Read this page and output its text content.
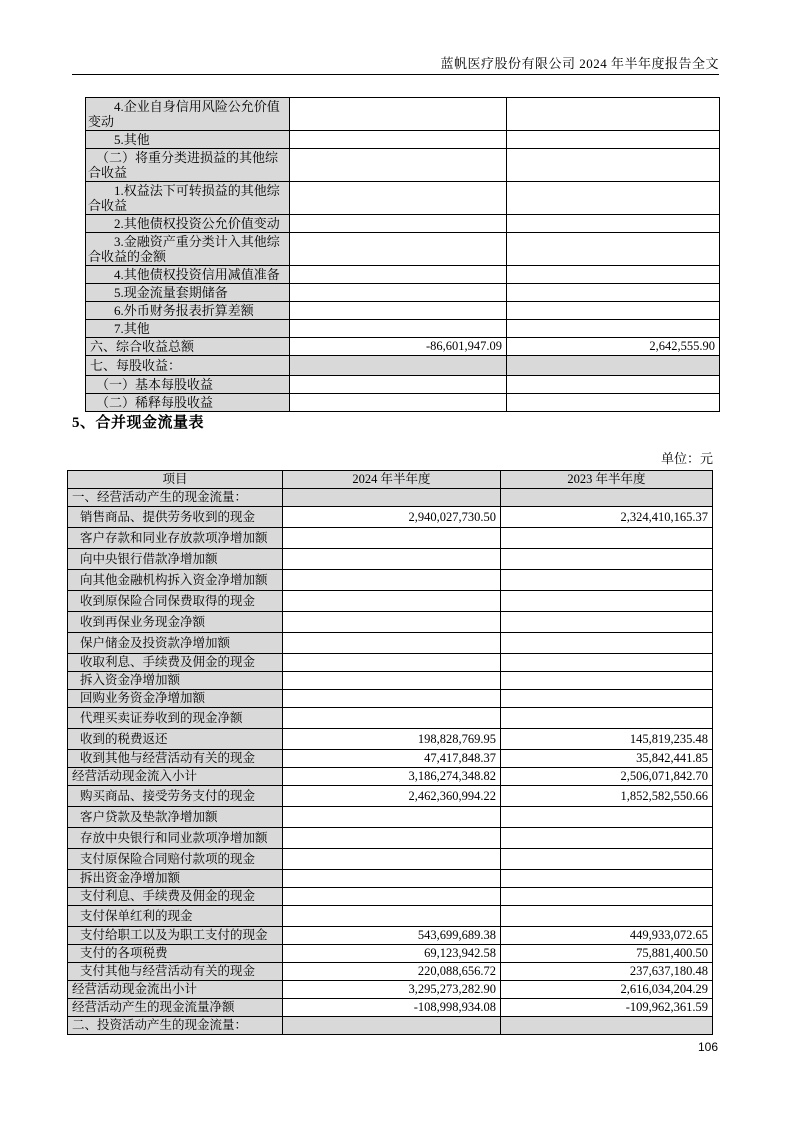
蓝帆医疗股份有限公司 2024 年半年度报告全文
4.企业自身信用风险公允价值变动		
5.其他		
（二）将重分类进损益的其他综合收益		
1.权益法下可转损益的其他综合收益		
2.其他债权投资公允价值变动		
3.金融资产重分类计入其他综合收益的金额		
4.其他债权投资信用减值准备		
5.现金流量套期储备		
6.外币财务报表折算差额		
7.其他		
六、综合收益总额	-86,601,947.09	2,642,555.90
七、每股收益：		
（一）基本每股收益		
（二）稀释每股收益		
5、合并现金流量表
单位：元
项目	2024 年半年度	2023 年半年度
一、经营活动产生的现金流量：		
销售商品、提供劳务收到的现金	2,940,027,730.50	2,324,410,165.37
客户存款和同业存放款项净增加额		
向中央银行借款净增加额		
向其他金融机构拆入资金净增加额		
收到原保险合同保费取得的现金		
收到再保业务现金净额		
保户储金及投资款净增加额		
收取利息、手续费及佣金的现金		
拆入资金净增加额		
回购业务资金净增加额		
代理买卖证券收到的现金净额		
收到的税费返还	198,828,769.95	145,819,235.48
收到其他与经营活动有关的现金	47,417,848.37	35,842,441.85
经营活动现金流入小计	3,186,274,348.82	2,506,071,842.70
购买商品、接受劳务支付的现金	2,462,360,994.22	1,852,582,550.66
客户贷款及垫款净增加额		
存放中央银行和同业款项净增加额		
支付原保险合同赔付款项的现金		
拆出资金净增加额		
支付利息、手续费及佣金的现金		
支付保单红利的现金		
支付给职工以及为职工支付的现金	543,699,689.38	449,933,072.65
支付的各项税费	69,123,942.58	75,881,400.50
支付其他与经营活动有关的现金	220,088,656.72	237,637,180.48
经营活动现金流出小计	3,295,273,282.90	2,616,034,204.29
经营活动产生的现金流量净额	-108,998,934.08	-109,962,361.59
二、投资活动产生的现金流量：		
106
